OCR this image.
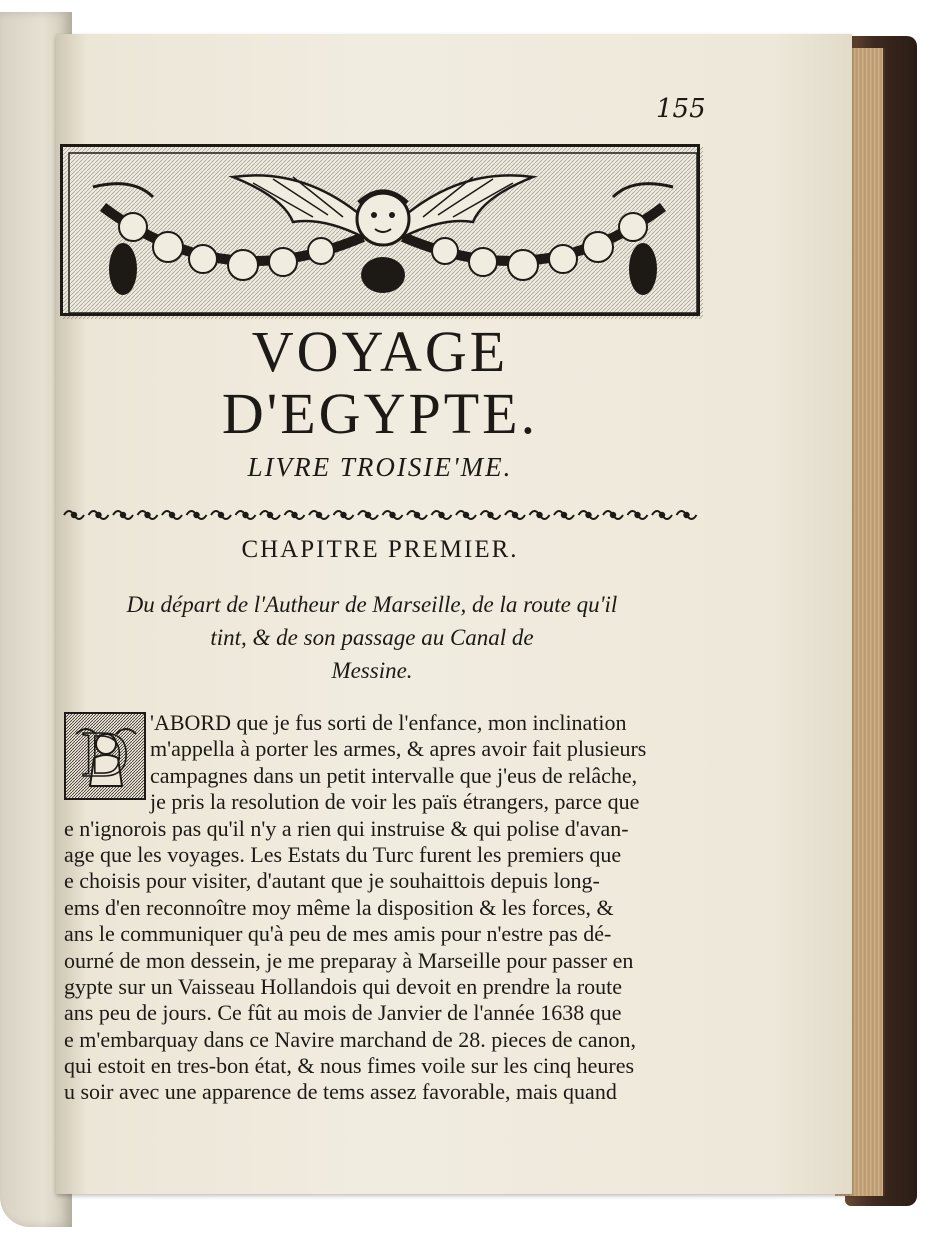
155
VOYAGE
D'EGYPTE.
LIVRE TROISIE'ME.
CHAPITRE PREMIER.
Du départ de l'Autheur de Marseille, de la route qu'il
tint, & de son passage au Canal de
Messine.
D 'ABORD que je fus sorti de l'enfance, mon inclination
m'appella à porter les armes, & apres avoir fait plusieurs
campagnes dans un petit intervalle que j'eus de relâche,
je pris la resolution de voir les païs étrangers, parce que
e n'ignorois pas qu'il n'y a rien qui instruise & qui polise d'avan-
age que les voyages. Les Estats du Turc furent les premiers que
e choisis pour visiter, d'autant que je souhaittois depuis long-
ems d'en reconnoître moy même la disposition & les forces, &
ans le communiquer qu'à peu de mes amis pour n'estre pas dé-
ourné de mon dessein, je me preparay à Marseille pour passer en
gypte sur un Vaisseau Hollandois qui devoit en prendre la route
ans peu de jours. Ce fût au mois de Janvier de l'année 1638 que
e m'embarquay dans ce Navire marchand de 28. pieces de canon,
qui estoit en tres-bon état, & nous fimes voile sur les cinq heures
u soir avec une apparence de tems assez favorable, mais quand
